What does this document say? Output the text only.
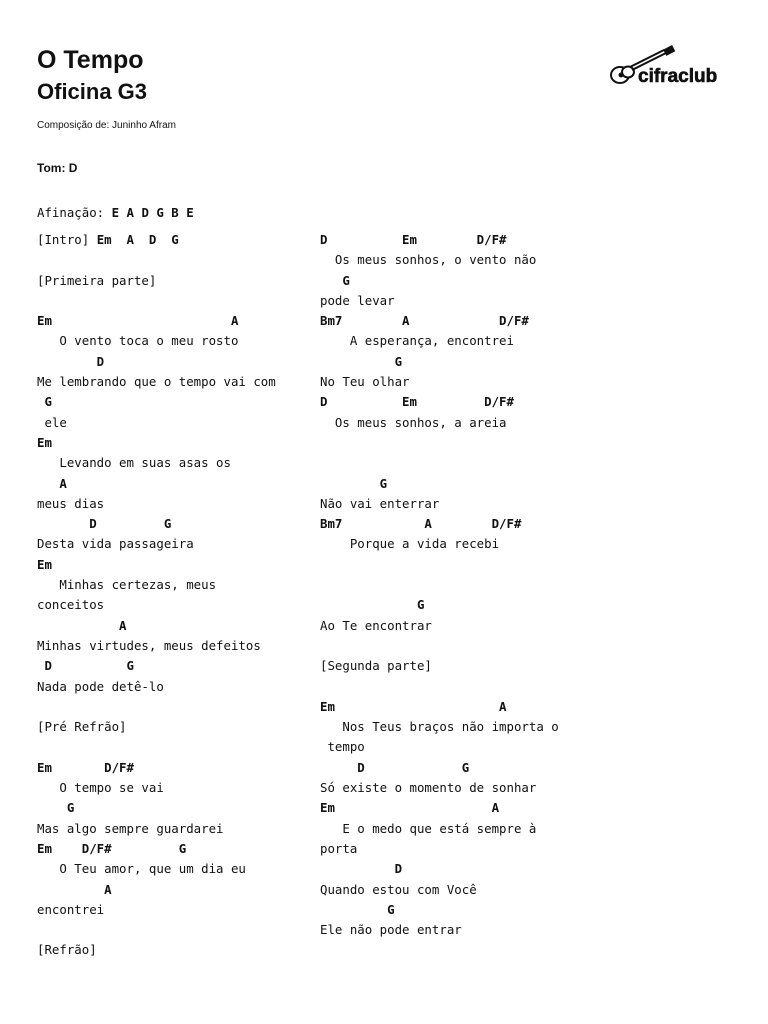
O Tempo
Oficina G3
Composição de: Juninho Afram
Tom: D
Afinação: E A D G B E
cifraclub
[Intro] Em  A  D  G
[Primeira parte]
Em                        A
O vento toca o meu rosto
D
Me lembrando que o tempo vai com
G
ele
Em
Levando em suas asas os
A
meus dias
D         G
Desta vida passageira
Em
Minhas certezas, meus
conceitos
A
Minhas virtudes, meus defeitos
D          G
Nada pode detê-lo
[Pré Refrão]
Em       D/F#
O tempo se vai
G
Mas algo sempre guardarei
Em    D/F#         G
O Teu amor, que um dia eu
A
encontrei
[Refrão]
D          Em        D/F#
Os meus sonhos, o vento não
G
pode levar
Bm7        A            D/F#
A esperança, encontrei
G
No Teu olhar
D          Em         D/F#
Os meus sonhos, a areia
G
Não vai enterrar
Bm7           A        D/F#
Porque a vida recebi
G
Ao Te encontrar
[Segunda parte]
Em                      A
Nos Teus braços não importa o
tempo
D             G
Só existe o momento de sonhar
Em                     A
E o medo que está sempre à
porta
D
Quando estou com Você
G
Ele não pode entrar
